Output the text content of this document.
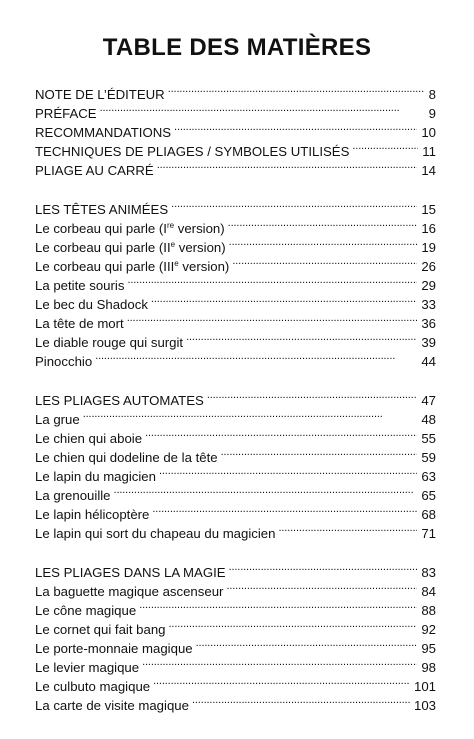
TABLE DES MATIÈRES
NOTE DE L’ÉDITEUR . . .	8
PRÉFACE . . .	9
RECOMMANDATIONS . . .	10
TECHNIQUES DE PLIAGES / SYMBOLES UTILISÉS . . .	11
PLIAGE AU CARRÉ . . .	14
LES TÊTES ANIMÉES . . .	15
Le corbeau qui parle (Ire version) . . .	16
Le corbeau qui parle (IIe version) . . .	19
Le corbeau qui parle (IIIe version) . . .	26
La petite souris . . .	29
Le bec du Shadock . . .	33
La tête de mort . . .	36
Le diable rouge qui surgit . . .	39
Pinocchio . . .	44
LES PLIAGES AUTOMATES . . .	47
La grue . . .	48
Le chien qui aboie . . .	55
Le chien qui dodeline de la tête . . .	59
Le lapin du magicien . . .	63
La grenouille . . .	65
Le lapin hélicoptère . . .	68
Le lapin qui sort du chapeau du magicien . . .	71
LES PLIAGES DANS LA MAGIE . . .	83
La baguette magique ascenseur . . .	84
Le cône magique . . .	88
Le cornet qui fait bang . . .	92
Le porte-monnaie magique . . .	95
Le levier magique . . .	98
Le culbuto magique . . .	101
La carte de visite magique . . .	103
